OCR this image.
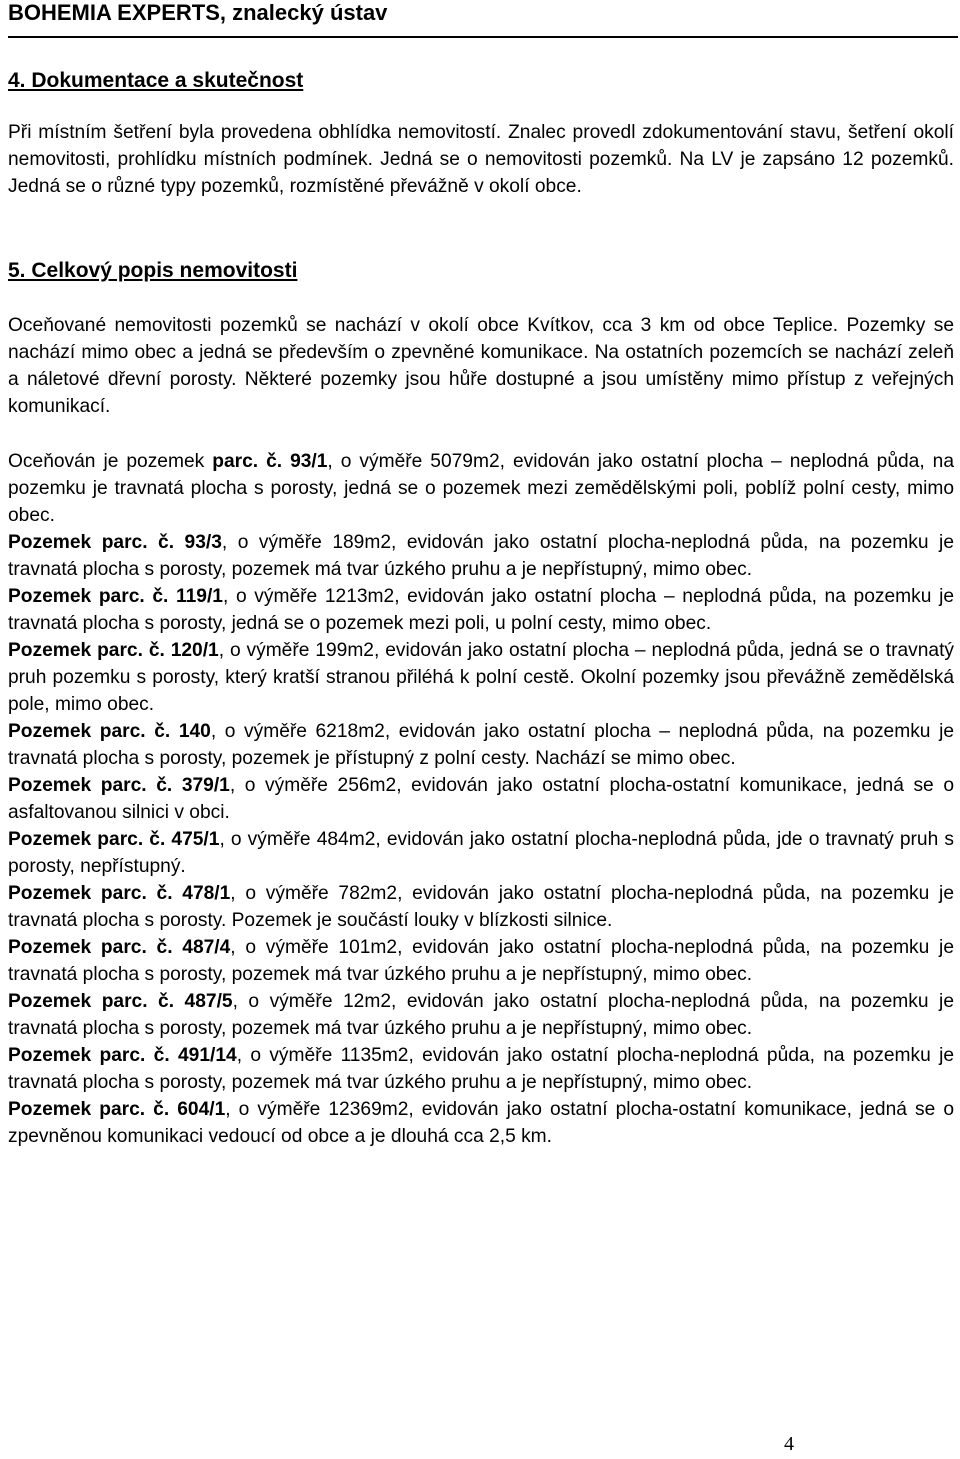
BOHEMIA EXPERTS, znalecký ústav
4. Dokumentace a skutečnost
Při místním šetření byla provedena obhlídka nemovitostí. Znalec provedl zdokumentování stavu, šetření okolí nemovitosti, prohlídku místních podmínek. Jedná se o nemovitosti pozemků. Na LV je zapsáno 12 pozemků. Jedná se o různé typy pozemků, rozmístěné převážně v okolí obce.
5. Celkový popis nemovitosti
Oceňované nemovitosti pozemků se nachází v okolí obce Kvítkov, cca 3 km od obce Teplice. Pozemky se nachází mimo obec a jedná se především o zpevněné komunikace. Na ostatních pozemcích se nachází zeleň a náletové dřevní porosty. Některé pozemky jsou hůře dostupné a jsou umístěny mimo přístup z veřejných komunikací.
Oceňován je pozemek parc. č. 93/1, o výměře 5079m2, evidován jako ostatní plocha – neplodná půda, na pozemku je travnatá plocha s porosty, jedná se o pozemek mezi zemědělskými poli, poblíž polní cesty, mimo obec.

Pozemek parc. č. 93/3, o výměře 189m2, evidován jako ostatní plocha-neplodná půda, na pozemku je travnatá plocha s porosty, pozemek má tvar úzkého pruhu a je nepřístupný, mimo obec.

Pozemek parc. č. 119/1, o výměře 1213m2, evidován jako ostatní plocha – neplodná půda, na pozemku je travnatá plocha s porosty, jedná se o pozemek mezi poli, u polní cesty, mimo obec.

Pozemek parc. č. 120/1, o výměře 199m2, evidován jako ostatní plocha – neplodná půda, jedná se o travnatý pruh pozemku s porosty, který kratší stranou přiléhá k polní cestě. Okolní pozemky jsou převážně zemědělská pole, mimo obec.

Pozemek parc. č. 140, o výměře 6218m2, evidován jako ostatní plocha – neplodná půda, na pozemku je travnatá plocha s porosty, pozemek je přístupný z polní cesty. Nachází se mimo obec.

Pozemek parc. č. 379/1, o výměře 256m2, evidován jako ostatní plocha-ostatní komunikace, jedná se o asfaltovanou silnici v obci.

Pozemek parc. č. 475/1, o výměře 484m2, evidován jako ostatní plocha-neplodná půda, jde o travnatý pruh s porosty, nepřístupný.

Pozemek parc. č. 478/1, o výměře 782m2, evidován jako ostatní plocha-neplodná půda, na pozemku je travnatá plocha s porosty. Pozemek je součástí louky v blízkosti silnice.

Pozemek parc. č. 487/4, o výměře 101m2, evidován jako ostatní plocha-neplodná půda, na pozemku je travnatá plocha s porosty, pozemek má tvar úzkého pruhu a je nepřístupný, mimo obec.

Pozemek parc. č. 487/5, o výměře 12m2, evidován jako ostatní plocha-neplodná půda, na pozemku je travnatá plocha s porosty, pozemek má tvar úzkého pruhu a je nepřístupný, mimo obec.

Pozemek parc. č. 491/14, o výměře 1135m2, evidován jako ostatní plocha-neplodná půda, na pozemku je travnatá plocha s porosty, pozemek má tvar úzkého pruhu a je nepřístupný, mimo obec.

Pozemek parc. č. 604/1, o výměře 12369m2, evidován jako ostatní plocha-ostatní komunikace, jedná se o zpevněnou komunikaci vedoucí od obce a je dlouhá cca 2,5 km.

4
